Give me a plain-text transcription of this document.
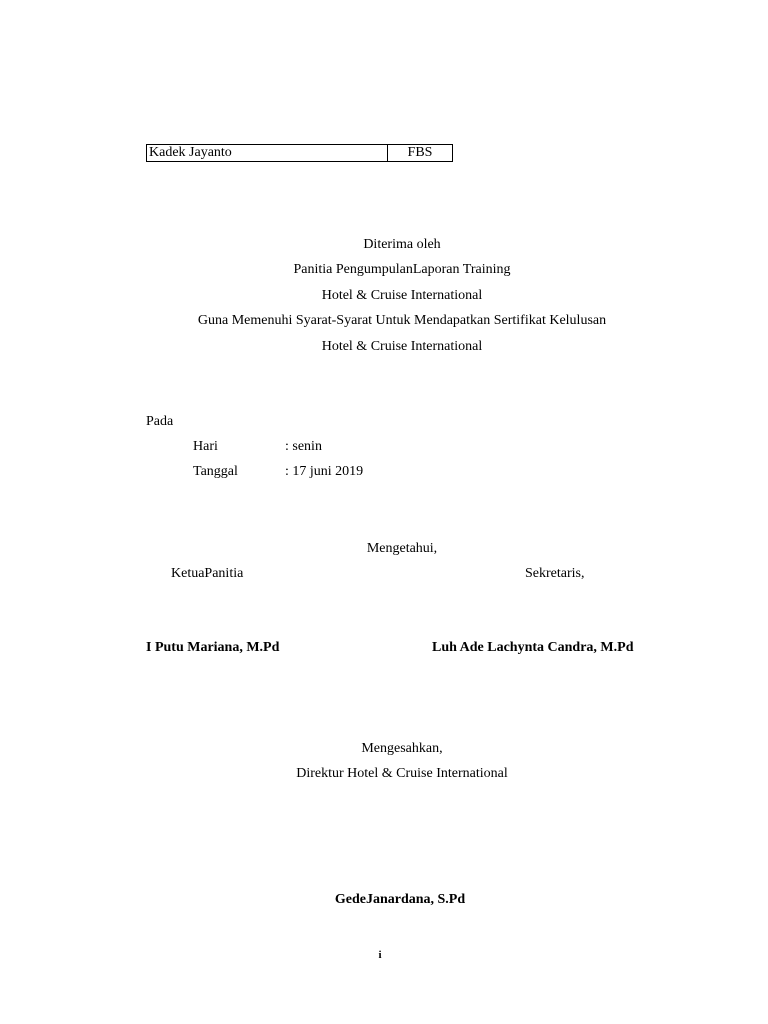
Kadek Jayanto	FBS
Diterima oleh
Panitia PengumpulanLaporan Training
Hotel & Cruise International
Guna Memenuhi Syarat-Syarat Untuk Mendapatkan Sertifikat Kelulusan
Hotel & Cruise International
Pada
Hari	: senin
Tanggal	: 17 juni 2019
Mengetahui,
KetuaPanitia	Sekretaris,
I Putu Mariana, M.Pd	Luh Ade Lachynta Candra, M.Pd
Mengesahkan,
Direktur Hotel & Cruise International
GedeJanardana, S.Pd
i
